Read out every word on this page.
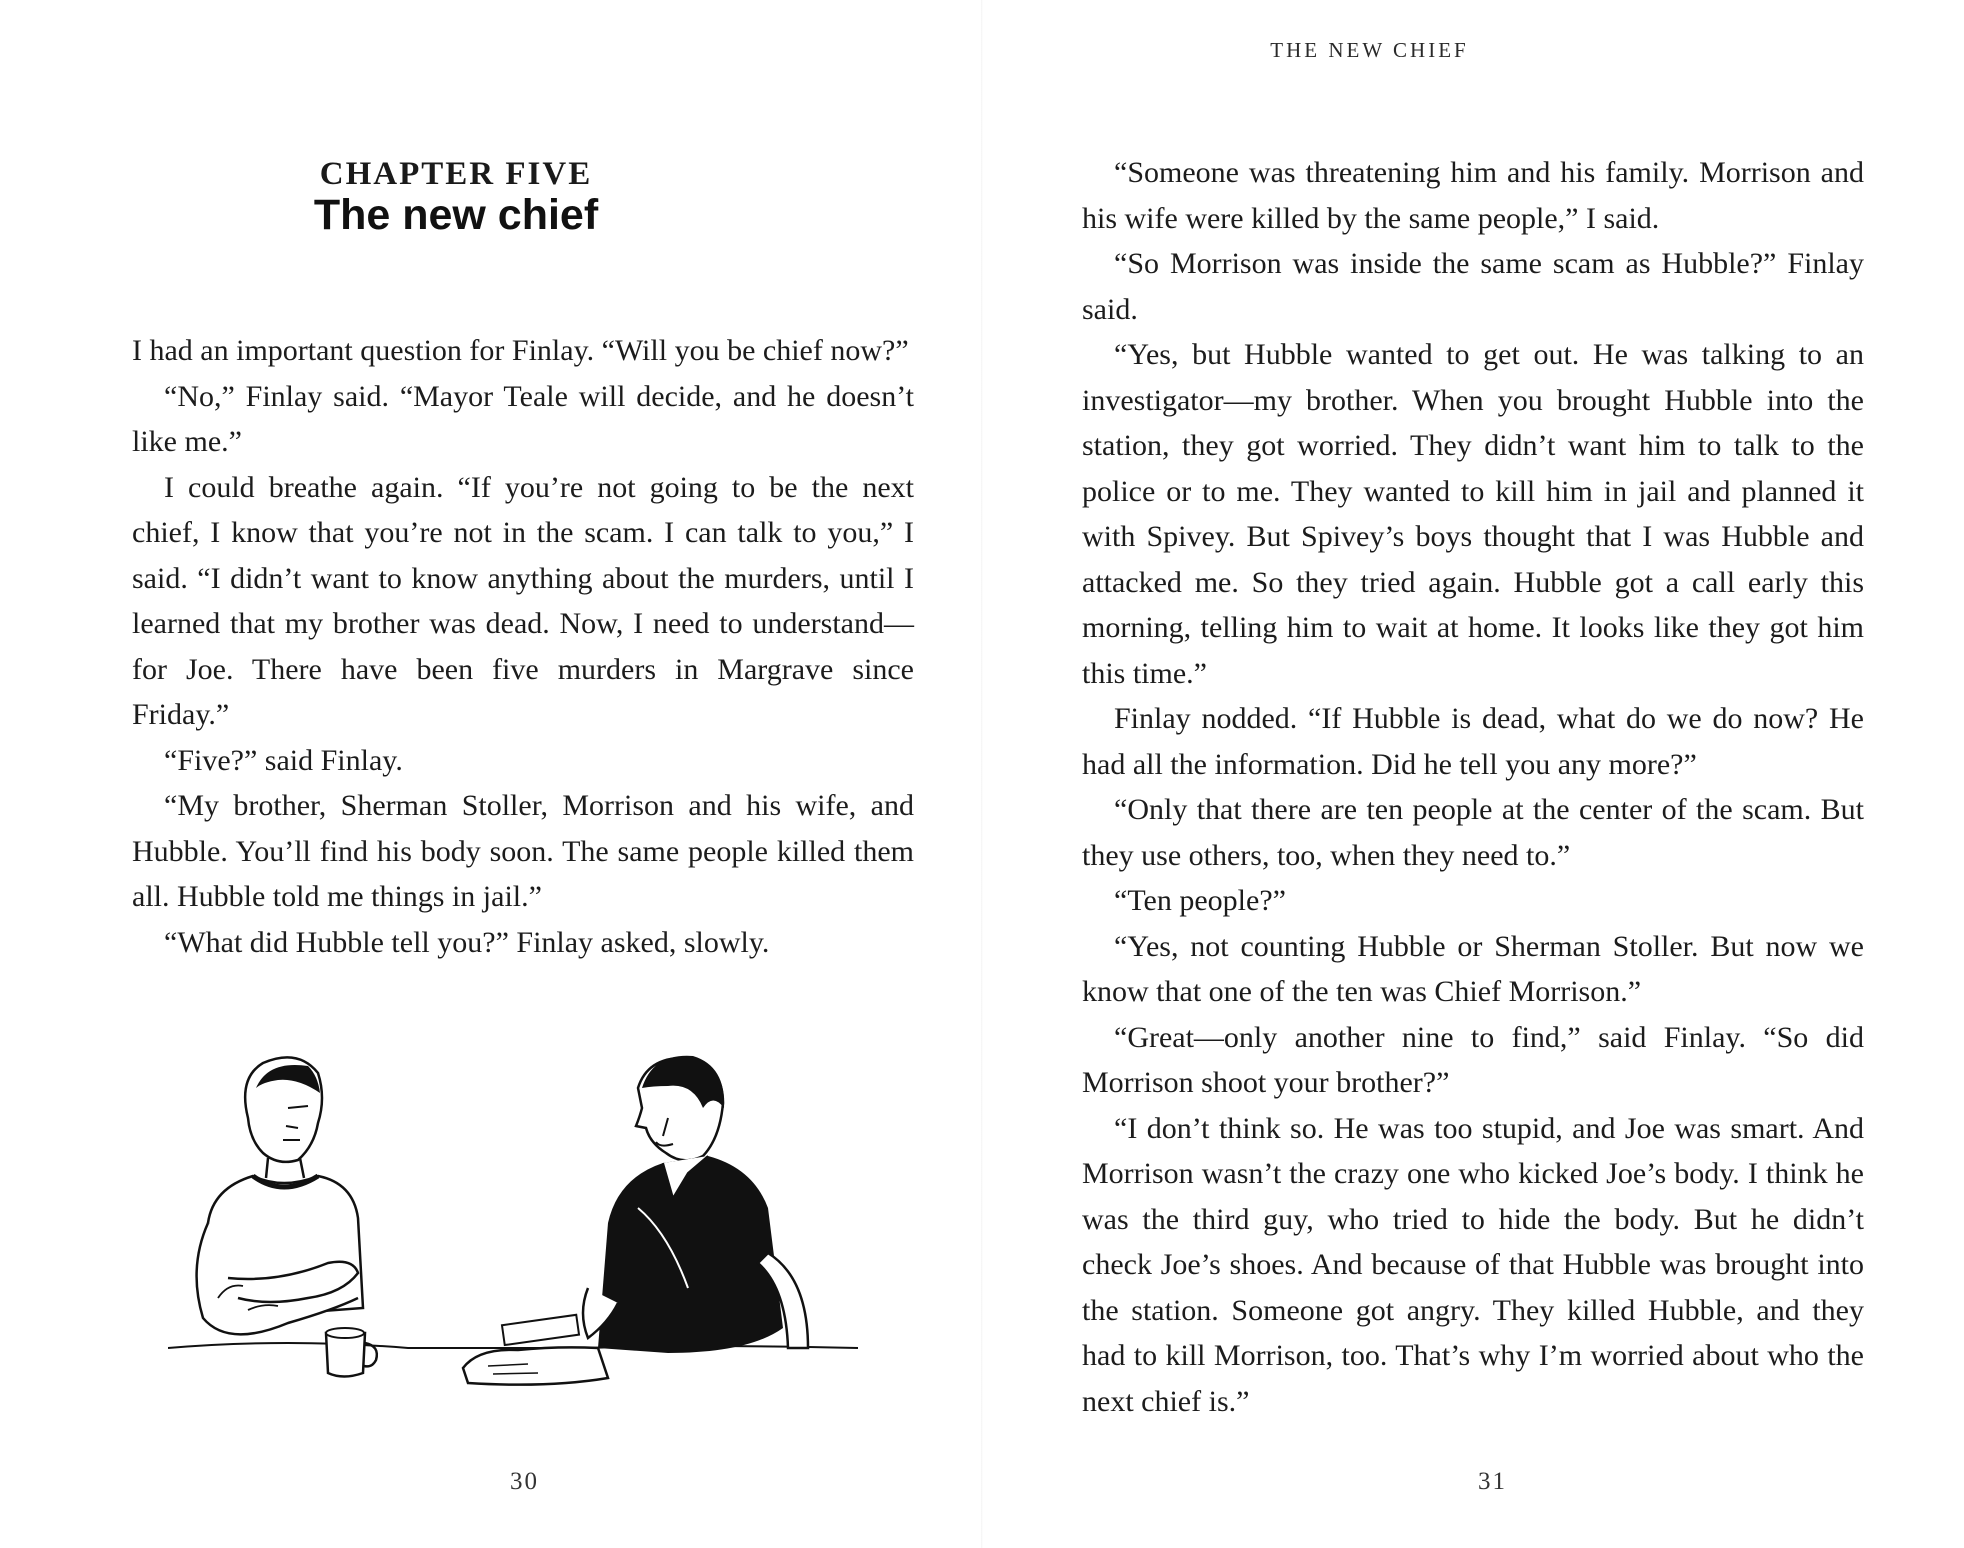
CHAPTER FIVE
The new chief

I had an important question for Finlay. “Will you be chief now?”

“No,” Finlay said. “Mayor Teale will decide, and he doesn’t like me.”

I could breathe again. “If you’re not going to be the next chief, I know that you’re not in the scam. I can talk to you,” I said. “I didn’t want to know anything about the murders, until I learned that my brother was dead. Now, I need to understand—for Joe. There have been five murders in Margrave since Friday.”

“Five?” said Finlay.

“My brother, Sherman Stoller, Morrison and his wife, and Hubble. You’ll find his body soon. The same people killed them all. Hubble told me things in jail.”

“What did Hubble tell you?” Finlay asked, slowly.

30
THE NEW CHIEF

“Someone was threatening him and his family. Morrison and his wife were killed by the same people,” I said.

“So Morrison was inside the same scam as Hubble?” Finlay said.

“Yes, but Hubble wanted to get out. He was talking to an investigator—my brother. When you brought Hubble into the station, they got worried. They didn’t want him to talk to the police or to me. They wanted to kill him in jail and planned it with Spivey. But Spivey’s boys thought that I was Hubble and attacked me. So they tried again. Hubble got a call early this morning, telling him to wait at home. It looks like they got him this time.”

Finlay nodded. “If Hubble is dead, what do we do now? He had all the information. Did he tell you any more?”

“Only that there are ten people at the center of the scam. But they use others, too, when they need to.”

“Ten people?”

“Yes, not counting Hubble or Sherman Stoller. But now we know that one of the ten was Chief Morrison.”

“Great—only another nine to find,” said Finlay. “So did Morrison shoot your brother?”

“I don’t think so. He was too stupid, and Joe was smart. And Morrison wasn’t the crazy one who kicked Joe’s body. I think he was the third guy, who tried to hide the body. But he didn’t check Joe’s shoes. And because of that Hubble was brought into the station. Someone got angry. They killed Hubble, and they had to kill Morrison, too. That’s why I’m worried about who the next chief is.”

31
